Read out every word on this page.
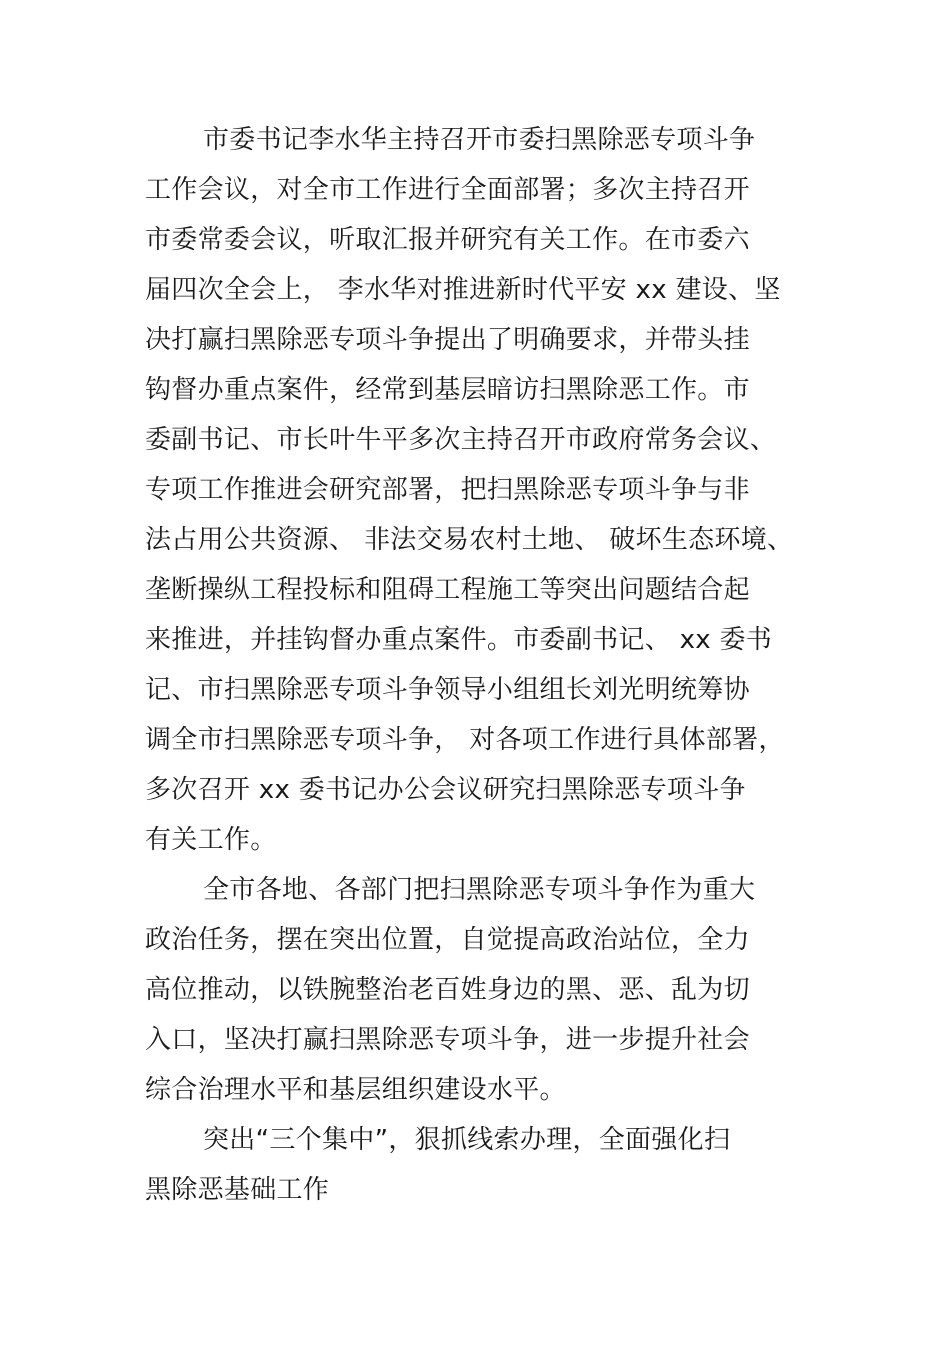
市委书记李水华主持召开市委扫黑除恶专项斗争
工作会议，对全市工作进行全面部署；多次主持召开
市委常委会议，听取汇报并研究有关工作。在市委六
届四次全会上， 李水华对推进新时代平安 xx 建设、坚
决打赢扫黑除恶专项斗争提出了明确要求，并带头挂
钩督办重点案件，经常到基层暗访扫黑除恶工作。市
委副书记、市长叶牛平多次主持召开市政府常务会议、
专项工作推进会研究部署，把扫黑除恶专项斗争与非
法占用公共资源、 非法交易农村土地、 破坏生态环境、
垄断操纵工程投标和阻碍工程施工等突出问题结合起
来推进，并挂钩督办重点案件。市委副书记、 xx 委书
记、市扫黑除恶专项斗争领导小组组长刘光明统筹协
调全市扫黑除恶专项斗争， 对各项工作进行具体部署，
多次召开 xx 委书记办公会议研究扫黑除恶专项斗争
有关工作。
全市各地、各部门把扫黑除恶专项斗争作为重大
政治任务，摆在突出位置，自觉提高政治站位，全力
高位推动，以铁腕整治老百姓身边的黑、恶、乱为切
入口，坚决打赢扫黑除恶专项斗争，进一步提升社会
综合治理水平和基层组织建设水平。
突出“三个集中”，狠抓线索办理，全面强化扫
黑除恶基础工作
